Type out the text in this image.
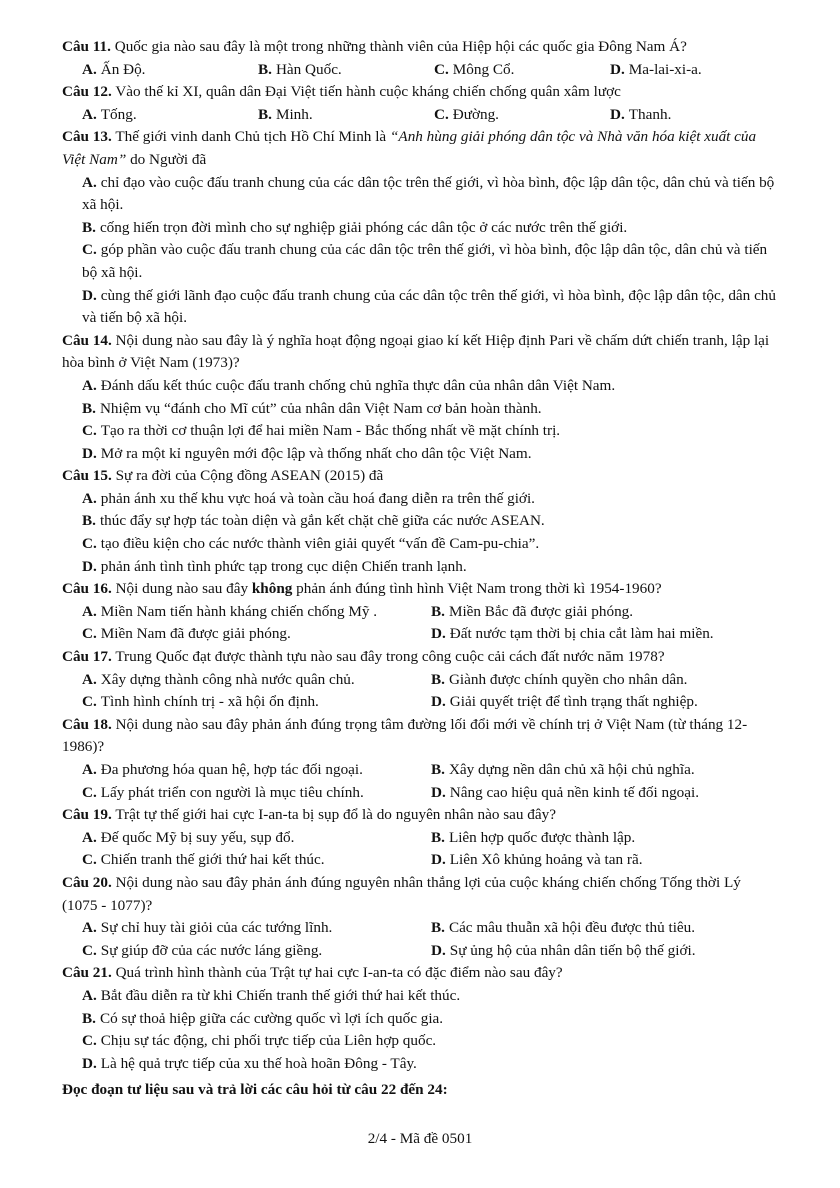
Câu 11. Quốc gia nào sau đây là một trong những thành viên của Hiệp hội các quốc gia Đông Nam Á?

A. Ấn Độ.	B. Hàn Quốc.	C. Mông Cổ.	D. Ma-lai-xi-a.

Câu 12. Vào thế kỉ XI, quân dân Đại Việt tiến hành cuộc kháng chiến chống quân xâm lược

A. Tống.	B. Minh.	C. Đường.	D. Thanh.

Câu 13. Thế giới vinh danh Chủ tịch Hồ Chí Minh là “Anh hùng giải phóng dân tộc và Nhà văn hóa kiệt xuất của Việt Nam” do Người đã

A. chỉ đạo vào cuộc đấu tranh chung của các dân tộc trên thế giới, vì hòa bình, độc lập dân tộc, dân chủ và tiến bộ xã hội.

B. cống hiến trọn đời mình cho sự nghiệp giải phóng các dân tộc ở các nước trên thế giới.

C. góp phần vào cuộc đấu tranh chung của các dân tộc trên thế giới, vì hòa bình, độc lập dân tộc, dân chủ và tiến bộ xã hội.

D. cùng thế giới lãnh đạo cuộc đấu tranh chung của các dân tộc trên thế giới, vì hòa bình, độc lập dân tộc, dân chủ và tiến bộ xã hội.

Câu 14. Nội dung nào sau đây là ý nghĩa hoạt động ngoại giao kí kết Hiệp định Pari về chấm dứt chiến tranh, lập lại hòa bình ở Việt Nam (1973)?

A. Đánh dấu kết thúc cuộc đấu tranh chống chủ nghĩa thực dân của nhân dân Việt Nam.

B. Nhiệm vụ “đánh cho Mĩ cút” của nhân dân Việt Nam cơ bản hoàn thành.

C. Tạo ra thời cơ thuận lợi để hai miền Nam - Bắc thống nhất về mặt chính trị.

D. Mở ra một kỉ nguyên mới độc lập và thống nhất cho dân tộc Việt Nam.

Câu 15. Sự ra đời của Cộng đồng ASEAN (2015) đã

A. phản ánh xu thế khu vực hoá và toàn cầu hoá đang diễn ra trên thế giới.

B. thúc đẩy sự hợp tác toàn diện và gắn kết chặt chẽ giữa các nước ASEAN.

C. tạo điều kiện cho các nước thành viên giải quyết “vấn đề Cam-pu-chia”.

D. phản ánh tình tình phức tạp trong cục diện Chiến tranh lạnh.

Câu 16. Nội dung nào sau đây không phản ánh đúng tình hình Việt Nam trong thời kì 1954-1960?

A. Miền Nam tiến hành kháng chiến chống Mỹ .	B. Miền Bắc đã được giải phóng.
C. Miền Nam đã được giải phóng.	D. Đất nước tạm thời bị chia cắt làm hai miền.

Câu 17. Trung Quốc đạt được thành tựu nào sau đây trong công cuộc cải cách đất nước năm 1978?

A. Xây dựng thành công nhà nước quân chủ.	B. Giành được chính quyền cho nhân dân.
C. Tình hình chính trị - xã hội ổn định.	D. Giải quyết triệt để tình trạng thất nghiệp.

Câu 18. Nội dung nào sau đây phản ánh đúng trọng tâm đường lối đổi mới về chính trị ở Việt Nam (từ tháng 12-1986)?

A. Đa phương hóa quan hệ, hợp tác đối ngoại.	B. Xây dựng nền dân chủ xã hội chủ nghĩa.
C. Lấy phát triển con người là mục tiêu chính.	D. Nâng cao hiệu quả nền kinh tế đối ngoại.

Câu 19. Trật tự thế giới hai cực I-an-ta bị sụp đổ là do nguyên nhân nào sau đây?

A. Đế quốc Mỹ bị suy yếu, sụp đổ.	B. Liên hợp quốc được thành lập.
C. Chiến tranh thế giới thứ hai kết thúc.	D. Liên Xô khủng hoảng và tan rã.

Câu 20. Nội dung nào sau đây phản ánh đúng nguyên nhân thắng lợi của cuộc kháng chiến chống Tống thời Lý (1075 - 1077)?

A. Sự chỉ huy tài giỏi của các tướng lĩnh.	B. Các mâu thuẫn xã hội đều được thủ tiêu.
C. Sự giúp đỡ của các nước láng giềng.	D. Sự ủng hộ của nhân dân tiến bộ thế giới.

Câu 21. Quá trình hình thành của Trật tự hai cực I-an-ta có đặc điểm nào sau đây?

A. Bắt đầu diễn ra từ khi Chiến tranh thế giới thứ hai kết thúc.

B. Có sự thoả hiệp giữa các cường quốc vì lợi ích quốc gia.

C. Chịu sự tác động, chi phối trực tiếp của Liên hợp quốc.

D. Là hệ quả trực tiếp của xu thế hoà hoãn Đông - Tây.

Đọc đoạn tư liệu sau và trả lời các câu hỏi từ câu 22 đến 24:

2/4 - Mã đề 0501
